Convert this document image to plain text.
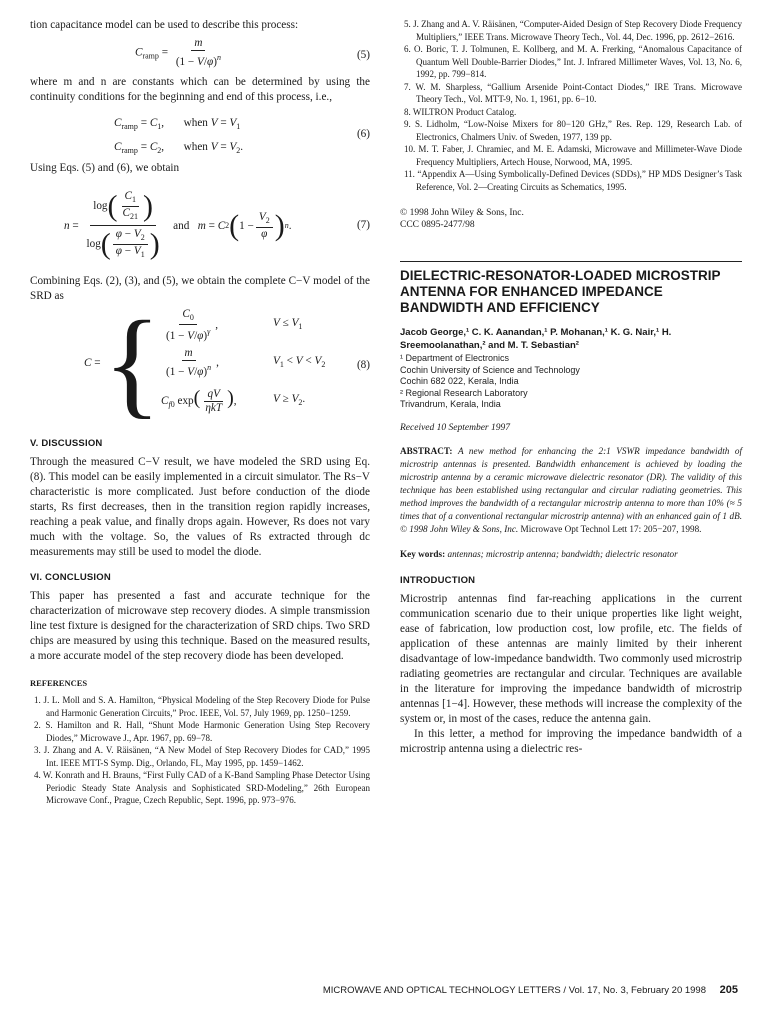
tion capacitance model can be used to describe this process:

$C_{ramp} = \frac{m}{(1 - V/\varphi)^n}$	(5)

where m and n are constants which can be determined by using the continuity conditions for the beginning and end of this process, i.e.,

$C_{ramp} = C_1$,       when $V = V_1$
$C_{ramp} = C_2$,       when $V = V_2$.
(6)

Using Eqs. (5) and (6), we obtain

$n = \frac{\log( \frac{C_1}{C_{21}} )}{\log( \frac{\varphi - V_2}{\varphi - V_1} )}$ and m = C 2 ( $1 - \frac{V_2}{\varphi}$ ) n .	(7)

Combining Eqs. (2), (3), and (5), we obtain the complete C−V model of the SRD as

C = { $\frac{C_0}{(1 - V/\varphi)^\gamma}$ ,	$V \le V_1$
$\frac{m}{(1 - V/\varphi)^n}$ ,	$V_1 < V < V_2$
$C_{f0}$ $\exp( \frac{qV}{\text{ηkT}}$ ),	$V \ge V_2$.
(8)

V. DISCUSSION

Through the measured C−V result, we have modeled the SRD using Eq. (8). This model can be easily implemented in a circuit simulator. The Rs−V characteristic is more complicated. Just before conduction of the diode starts, Rs first decreases, then in the transition region rapidly increases, reaching a peak value, and finally drops again. However, Rs does not vary much with the voltage. So, the values of Rs extracted through dc measurements may still be used to model the diode.

VI. CONCLUSION

This paper has presented a fast and accurate technique for the characterization of microwave step recovery diodes. A simple transmission line test fixture is designed for the characterization of SRD chips. Two SRD chips are measured by using this technique. Based on the measured results, a more accurate model of the step recovery diode has been developed.

REFERENCES

1. J. L. Moll and S. A. Hamilton, “Physical Modeling of the Step Recovery Diode for Pulse and Harmonic Generation Circuits,” Proc. IEEE, Vol. 57, July 1969, pp. 1250−1259.
2. S. Hamilton and R. Hall, “Shunt Mode Harmonic Generation Using Step Recovery Diodes,” Microwave J., Apr. 1967, pp. 69−78.
3. J. Zhang and A. V. Räisänen, “A New Model of Step Recovery Diodes for CAD,” 1995 Int. IEEE MTT-S Symp. Dig., Orlando, FL, May 1995, pp. 1459−1462.
4. W. Konrath and H. Brauns, “First Fully CAD of a K-Band Sampling Phase Detector Using Periodic Steady State Analysis and Sophisticated SRD-Modeling,” 26th European Microwave Conf., Prague, Czech Republic, Sept. 1996, pp. 973−976.
5. J. Zhang and A. V. Räisänen, “Computer-Aided Design of Step Recovery Diode Frequency Multipliers,” IEEE Trans. Microwave Theory Tech., Vol. 44, Dec. 1996, pp. 2612−2616.
6. O. Boric, T. J. Tolmunen, E. Kollberg, and M. A. Frerking, “Anomalous Capacitance of Quantum Well Double-Barrier Diodes,” Int. J. Infrared Millimeter Waves, Vol. 13, No. 6, 1992, pp. 799−814.
7. W. M. Sharpless, “Gallium Arsenide Point-Contact Diodes,” IRE Trans. Microwave Theory Tech., Vol. MTT-9, No. 1, 1961, pp. 6−10.
8. WILTRON Product Catalog.
9. S. Lidholm, “Low-Noise Mixers for 80−120 GHz,” Res. Rep. 129, Research Lab. of Electronics, Chalmers Univ. of Sweden, 1977, 139 pp.
10. M. T. Faber, J. Chramiec, and M. E. Adamski, Microwave and Millimeter-Wave Diode Frequency Multipliers, Artech House, Norwood, MA, 1995.
11. “Appendix A—Using Symbolically-Defined Devices (SDDs),” HP MDS Designer’s Task Reference, Vol. 2—Creating Circuits as Schematics, 1995.

© 1998 John Wiley & Sons, Inc.

CCC 0895-2477/98

DIELECTRIC-RESONATOR-LOADED MICROSTRIP ANTENNA FOR ENHANCED IMPEDANCE BANDWIDTH AND EFFICIENCY

Jacob George,¹ C. K. Aanandan,¹ P. Mohanan,¹ K. G. Nair,¹ H. Sreemoolanathan,² and M. T. Sebastian²

¹ Department of Electronics

Cochin University of Science and Technology

Cochin 682 022, Kerala, India

² Regional Research Laboratory

Trivandrum, Kerala, India

Received 10 September 1997

ABSTRACT: A new method for enhancing the 2:1 VSWR impedance bandwidth of microstrip antennas is presented. Bandwidth enhancement is achieved by loading the microstrip antenna by a ceramic microwave dielectric resonator (DR). The validity of this technique has been established using rectangular and circular radiating geometries. This method improves the bandwidth of a rectangular microstrip antenna to more than 10% (≈ 5 times that of a conventional rectangular microstrip antenna) with an enhanced gain of 1 dB. © 1998 John Wiley & Sons, Inc. Microwave Opt Technol Lett 17: 205−207, 1998.

Key words: antennas; microstrip antenna; bandwidth; dielectric resonator

INTRODUCTION

Microstrip antennas find far-reaching applications in the current communication scenario due to their unique properties like light weight, ease of fabrication, low production cost, low profile, etc. The fields of application of these antennas are mainly limited by their inherent disadvantage of low-impedance bandwidth. Two commonly used microstrip radiating geometries are rectangular and circular. Techniques are available in the literature for improving the impedance bandwidth of microstrip antennas [1−4]. However, these methods will increase the complexity of the system or, in most of the cases, reduce the antenna gain.

In this letter, a method for improving the impedance bandwidth of a microstrip antenna using a dielectric res-

MICROWAVE AND OPTICAL TECHNOLOGY LETTERS / Vol. 17, No. 3, February 20 1998 205
